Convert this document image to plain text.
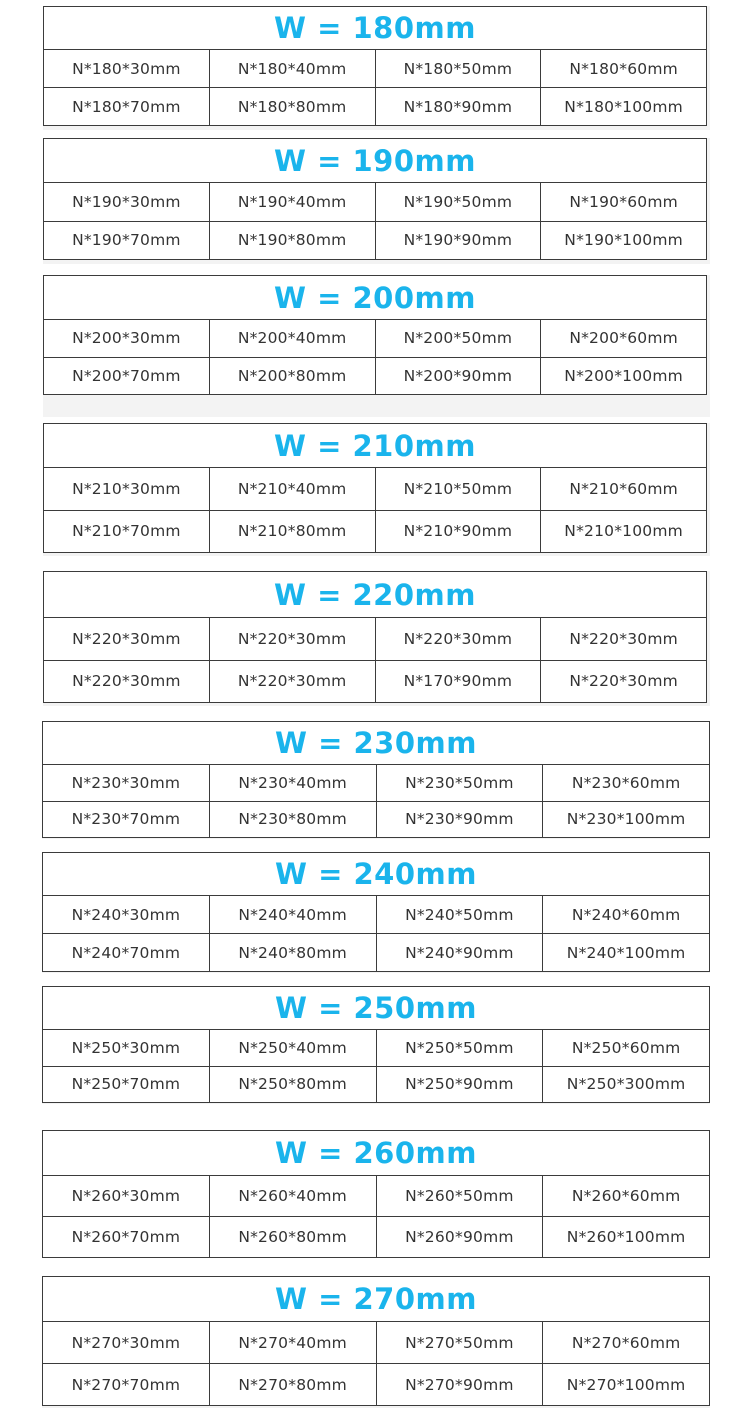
W = 180mm
N*180*30mm	N*180*40mm	N*180*50mm	N*180*60mm
N*180*70mm	N*180*80mm	N*180*90mm	N*180*100mm
W = 190mm
N*190*30mm	N*190*40mm	N*190*50mm	N*190*60mm
N*190*70mm	N*190*80mm	N*190*90mm	N*190*100mm
W = 200mm
N*200*30mm	N*200*40mm	N*200*50mm	N*200*60mm
N*200*70mm	N*200*80mm	N*200*90mm	N*200*100mm
W = 210mm
N*210*30mm	N*210*40mm	N*210*50mm	N*210*60mm
N*210*70mm	N*210*80mm	N*210*90mm	N*210*100mm
W = 220mm
N*220*30mm	N*220*30mm	N*220*30mm	N*220*30mm
N*220*30mm	N*220*30mm	N*170*90mm	N*220*30mm
W = 230mm
N*230*30mm	N*230*40mm	N*230*50mm	N*230*60mm
N*230*70mm	N*230*80mm	N*230*90mm	N*230*100mm
W = 240mm
N*240*30mm	N*240*40mm	N*240*50mm	N*240*60mm
N*240*70mm	N*240*80mm	N*240*90mm	N*240*100mm
W = 250mm
N*250*30mm	N*250*40mm	N*250*50mm	N*250*60mm
N*250*70mm	N*250*80mm	N*250*90mm	N*250*300mm
W = 260mm
N*260*30mm	N*260*40mm	N*260*50mm	N*260*60mm
N*260*70mm	N*260*80mm	N*260*90mm	N*260*100mm
W = 270mm
N*270*30mm	N*270*40mm	N*270*50mm	N*270*60mm
N*270*70mm	N*270*80mm	N*270*90mm	N*270*100mm
